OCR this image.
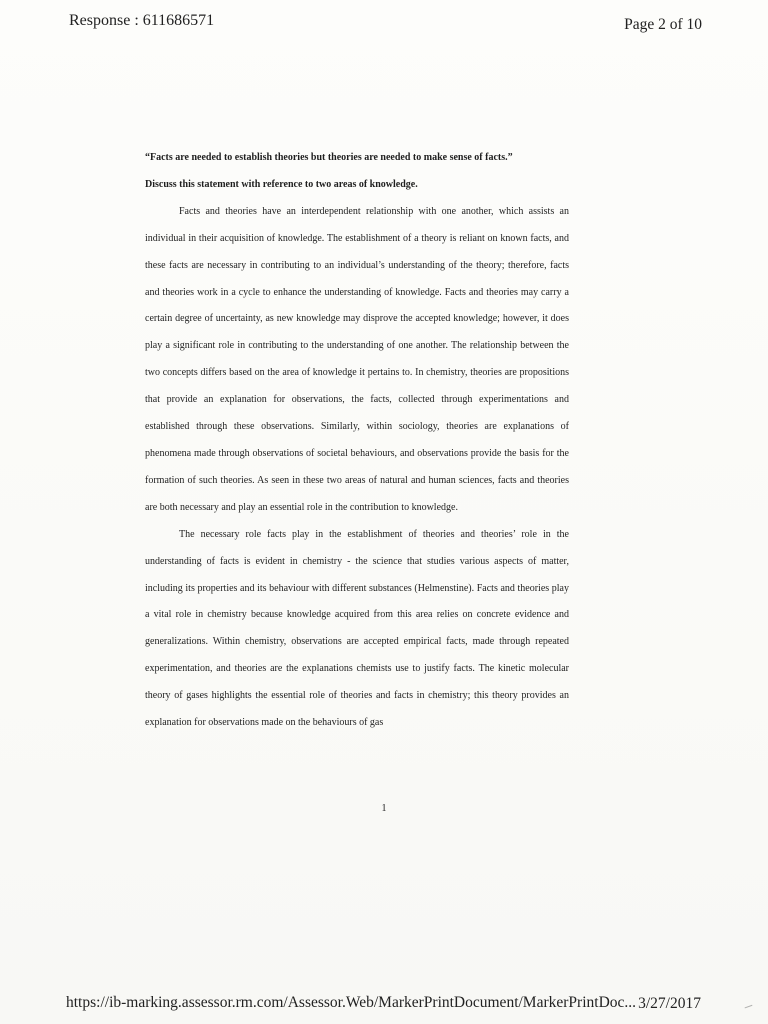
Response : 611686571	Page 2 of 10
“Facts are needed to establish theories but theories are needed to make sense of facts.”
Discuss this statement with reference to two areas of knowledge.

Facts and theories have an interdependent relationship with one another, which assists an individual in their acquisition of knowledge. The establishment of a theory is reliant on known facts, and these facts are necessary in contributing to an individual’s understanding of the theory; therefore, facts and theories work in a cycle to enhance the understanding of knowledge. Facts and theories may carry a certain degree of uncertainty, as new knowledge may disprove the accepted knowledge; however, it does play a significant role in contributing to the understanding of one another. The relationship between the two concepts differs based on the area of knowledge it pertains to. In chemistry, theories are propositions that provide an explanation for observations, the facts, collected through experimentations and established through these observations. Similarly, within sociology, theories are explanations of phenomena made through observations of societal behaviours, and observations provide the basis for the formation of such theories. As seen in these two areas of natural and human sciences, facts and theories are both necessary and play an essential role in the contribution to knowledge.

The necessary role facts play in the establishment of theories and theories’ role in the understanding of facts is evident in chemistry - the science that studies various aspects of matter, including its properties and its behaviour with different substances (Helmenstine). Facts and theories play a vital role in chemistry because knowledge acquired from this area relies on concrete evidence and generalizations. Within chemistry, observations are accepted empirical facts, made through repeated experimentation, and theories are the explanations chemists use to justify facts. The kinetic molecular theory of gases highlights the essential role of theories and facts in chemistry; this theory provides an explanation for observations made on the behaviours of gas

1
https://ib-marking.assessor.rm.com/Assessor.Web/MarkerPrintDocument/MarkerPrintDoc... 3/27/2017
